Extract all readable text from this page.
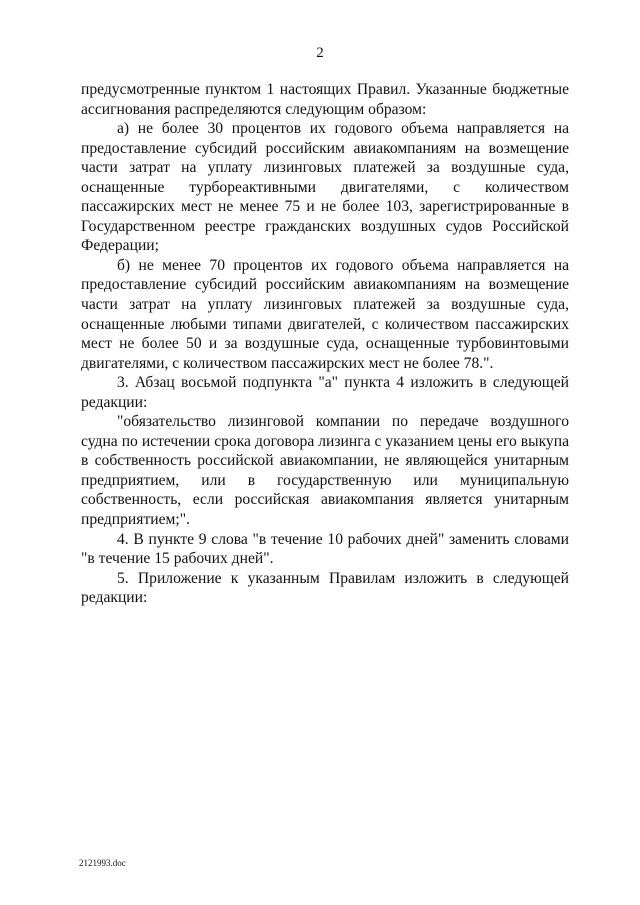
2

предусмотренные пунктом 1 настоящих Правил. Указанные бюджетные ассигнования распределяются следующим образом:

а) не более 30 процентов их годового объема направляется на предоставление субсидий российским авиакомпаниям на возмещение части затрат на уплату лизинговых платежей за воздушные суда, оснащенные турбореактивными двигателями, с количеством пассажирских мест не менее 75 и не более 103, зарегистрированные в Государственном реестре гражданских воздушных судов Российской Федерации;

б) не менее 70 процентов их годового объема направляется на предоставление субсидий российским авиакомпаниям на возмещение части затрат на уплату лизинговых платежей за воздушные суда, оснащенные любыми типами двигателей, с количеством пассажирских мест не более 50 и за воздушные суда, оснащенные турбовинтовыми двигателями, с количеством пассажирских мест не более 78.".

3. Абзац восьмой подпункта "а" пункта 4 изложить в следующей редакции:

"обязательство лизинговой компании по передаче воздушного судна по истечении срока договора лизинга с указанием цены его выкупа в собственность российской авиакомпании, не являющейся унитарным предприятием, или в государственную или муниципальную собственность, если российская авиакомпания является унитарным предприятием;".

4. В пункте 9 слова "в течение 10 рабочих дней" заменить словами "в течение 15 рабочих дней".

5. Приложение к указанным Правилам изложить в следующей редакции:

2121993.doc
